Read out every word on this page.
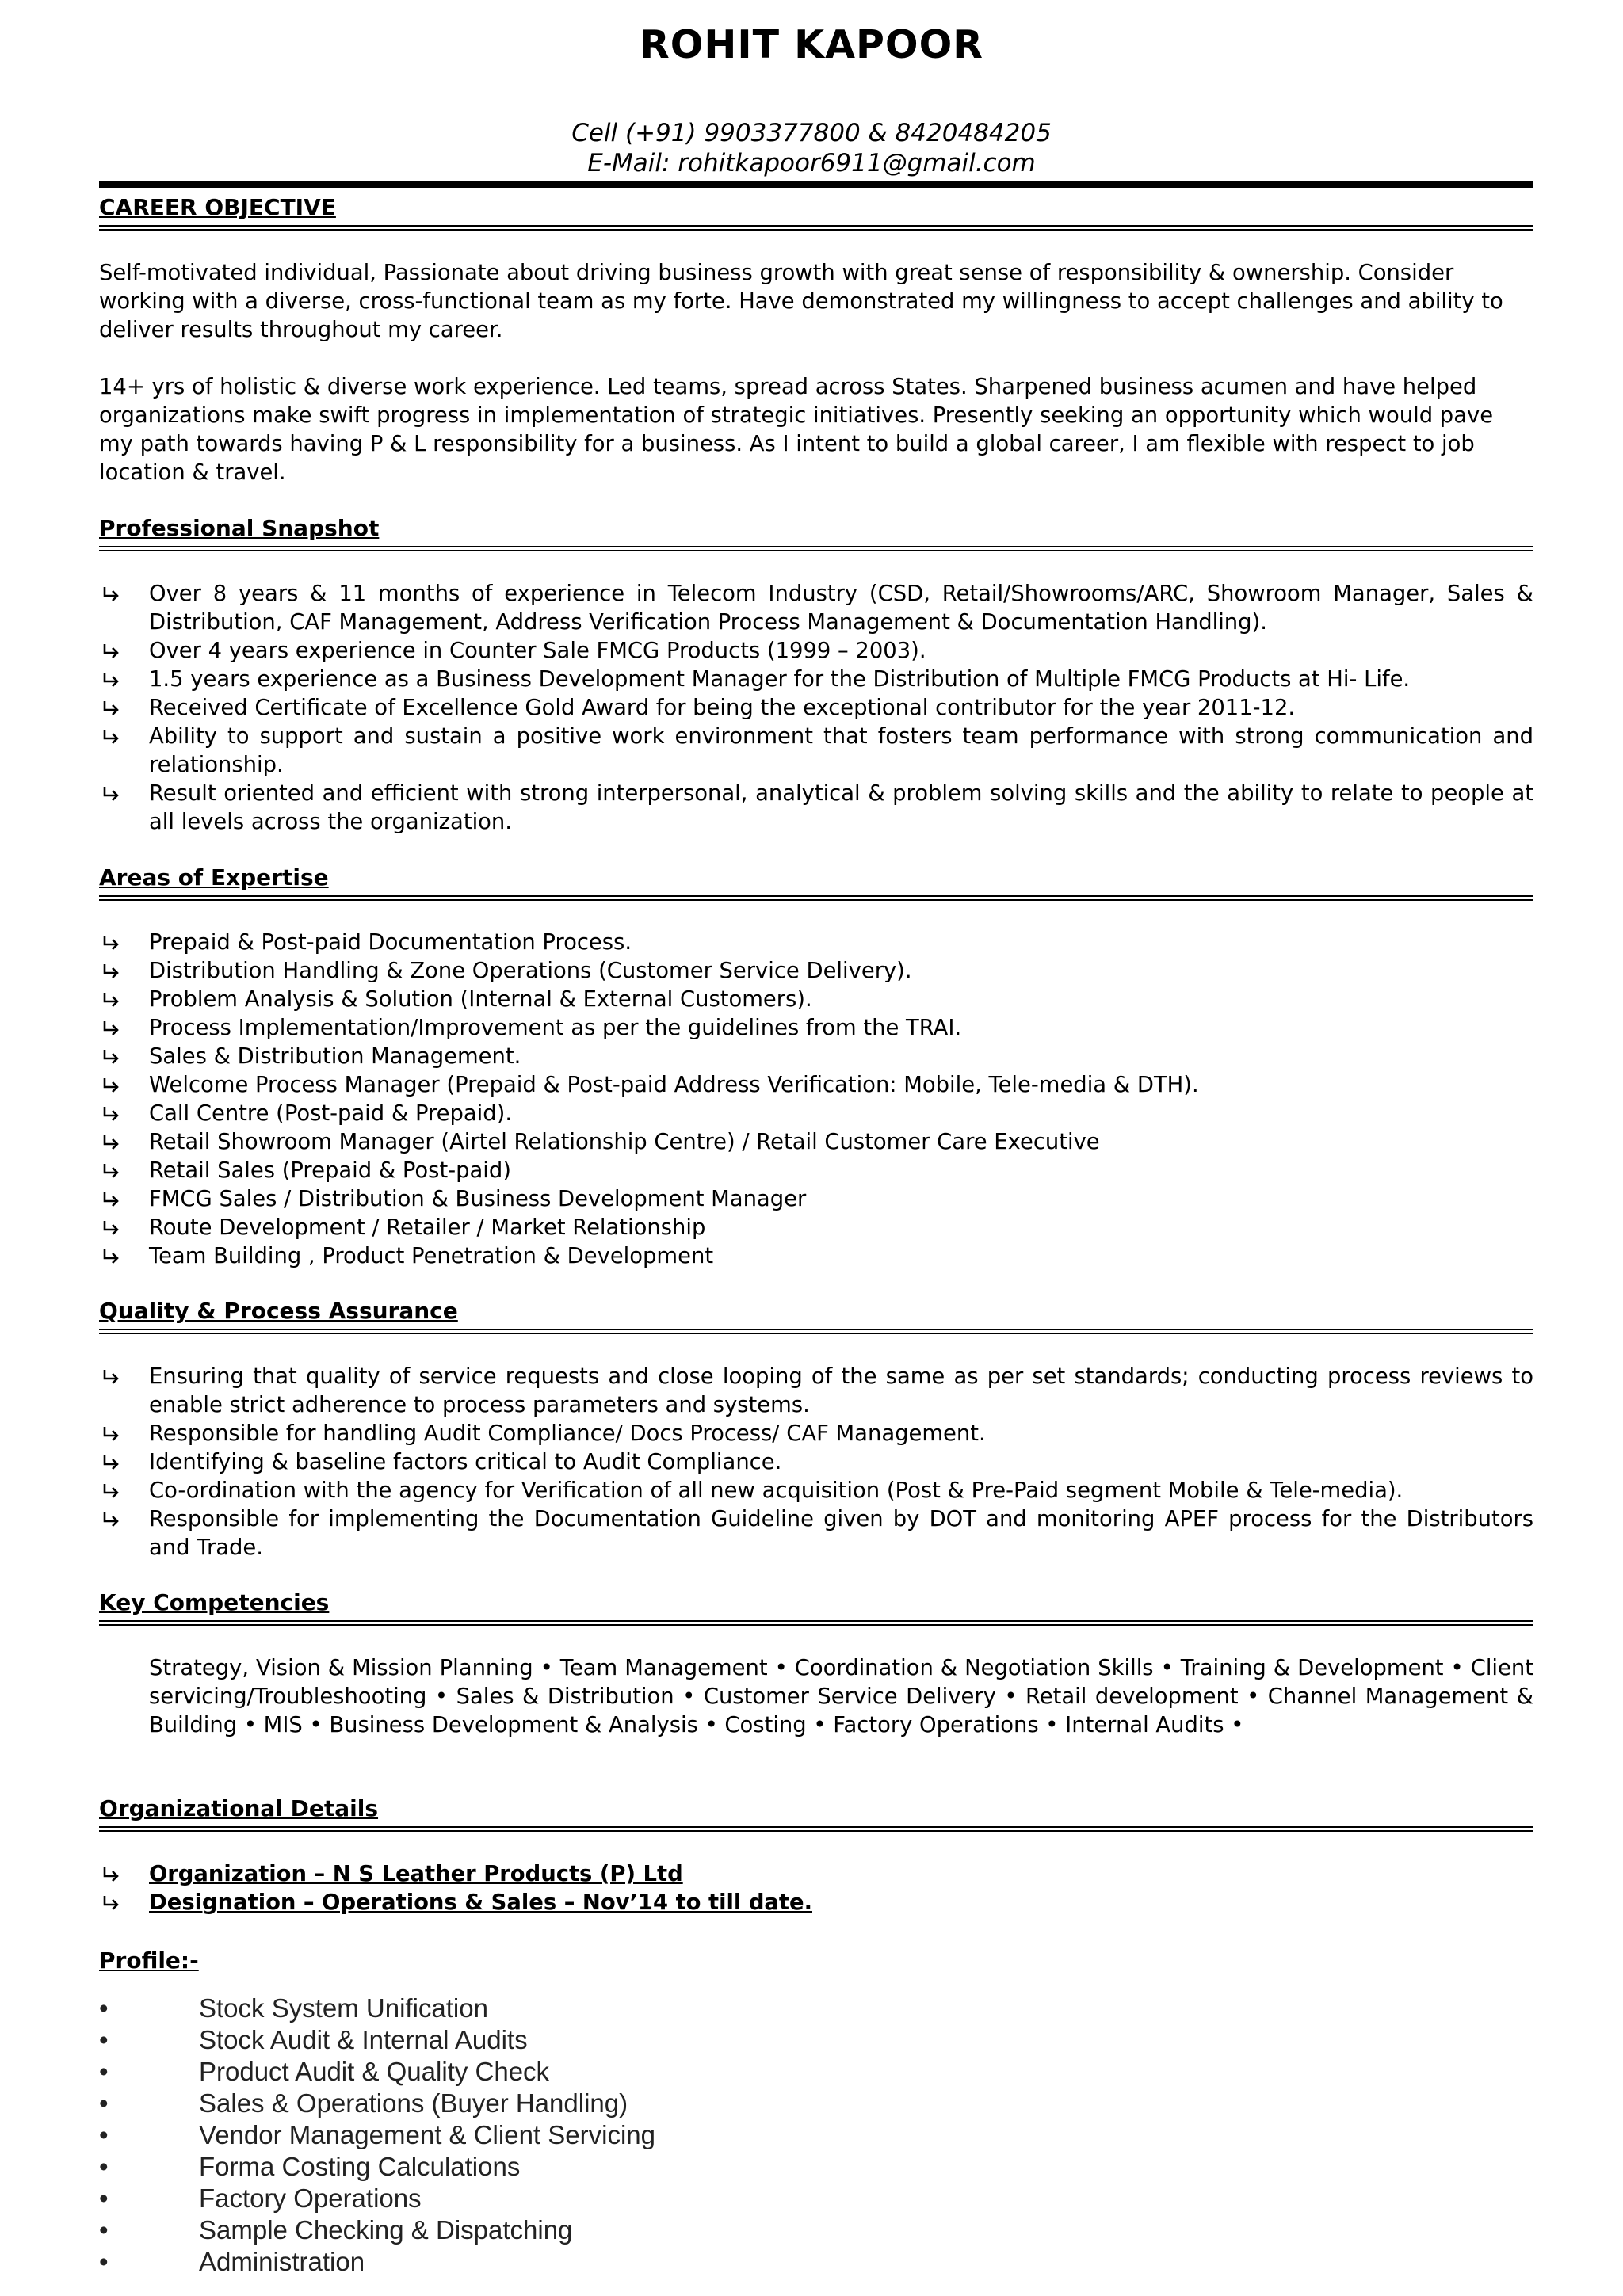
ROHIT KAPOOR
Cell (+91) 9903377800 & 8420484205
E-Mail: rohitkapoor6911@gmail.com
CAREER OBJECTIVE

Self-motivated individual, Passionate about driving business growth with great sense of responsibility & ownership. Consider working with a diverse, cross-functional team as my forte. Have demonstrated my willingness to accept challenges and ability to deliver results throughout my career.

14+ yrs of holistic & diverse work experience. Led teams, spread across States. Sharpened business acumen and have helped organizations make swift progress in implementation of strategic initiatives. Presently seeking an opportunity which would pave my path towards having P & L responsibility for a business. As I intent to build a global career, I am flexible with respect to job location & travel.

Professional Snapshot
Over 8 years & 11 months of experience in Telecom Industry (CSD, Retail/Showrooms/ARC, Showroom Manager, Sales & Distribution, CAF Management, Address Verification Process Management & Documentation Handling).
Over 4 years experience in Counter Sale FMCG Products (1999 – 2003).
1.5 years experience as a Business Development Manager for the Distribution of Multiple FMCG Products at Hi- Life.
Received Certificate of Excellence Gold Award for being the exceptional contributor for the year 2011-12.
Ability to support and sustain a positive work environment that fosters team performance with strong communication and relationship.
Result oriented and efficient with strong interpersonal, analytical & problem solving skills and the ability to relate to people at all levels across the organization.
Areas of Expertise
Prepaid & Post-paid Documentation Process.
Distribution Handling & Zone Operations (Customer Service Delivery).
Problem Analysis & Solution (Internal & External Customers).
Process Implementation/Improvement as per the guidelines from the TRAI.
Sales & Distribution Management.
Welcome Process Manager (Prepaid & Post-paid Address Verification: Mobile, Tele-media & DTH).
Call Centre (Post-paid & Prepaid).
Retail Showroom Manager (Airtel Relationship Centre) / Retail Customer Care Executive
Retail Sales (Prepaid & Post-paid)
FMCG Sales / Distribution & Business Development Manager
Route Development / Retailer / Market Relationship
Team Building , Product Penetration & Development
Quality & Process Assurance
Ensuring that quality of service requests and close looping of the same as per set standards; conducting process reviews to enable strict adherence to process parameters and systems.
Responsible for handling Audit Compliance/ Docs Process/ CAF Management.
Identifying & baseline factors critical to Audit Compliance.
Co-ordination with the agency for Verification of all new acquisition (Post & Pre-Paid segment Mobile & Tele-media).
Responsible for implementing the Documentation Guideline given by DOT and monitoring APEF process for the Distributors and Trade.
Key Competencies

Strategy, Vision & Mission Planning • Team Management • Coordination & Negotiation Skills • Training & Development • Client servicing/Troubleshooting • Sales & Distribution • Customer Service Delivery • Retail development • Channel Management & Building • MIS • Business Development & Analysis • Costing • Factory Operations • Internal Audits •

Organizational Details
Organization – N S Leather Products (P) Ltd
Designation – Operations & Sales – Nov’14 to till date.
Profile:-
•	Stock System Unification
•	Stock Audit & Internal Audits
•	Product Audit & Quality Check
•	Sales & Operations (Buyer Handling)
•	Vendor Management & Client Servicing
•	Forma Costing Calculations
•	Factory Operations
•	Sample Checking & Dispatching
•	Administration
